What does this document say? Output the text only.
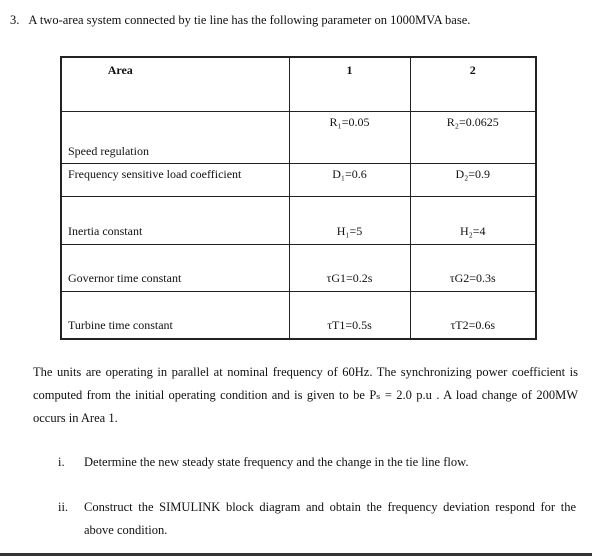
3. A two-area system connected by tie line has the following parameter on 1000MVA base.
Area	1	2
Speed regulation	R₁=0.05	R₂=0.0625
Frequency sensitive load coefficient	D₁=0.6	D₂=0.9
Inertia constant	H₁=5	H₂=4
Governor time constant	τG1=0.2s	τG2=0.3s
Turbine time constant	τT1=0.5s	τT2=0.6s
The units are operating in parallel at nominal frequency of 60Hz. The synchronizing power coefficient is computed from the initial operating condition and is given to be Pₛ = 2.0 p.u . A load change of 200MW occurs in Area 1.
i.	Determine the new steady state frequency and the change in the tie line flow.
ii.	Construct the SIMULINK block diagram and obtain the frequency deviation respond for the above condition.
